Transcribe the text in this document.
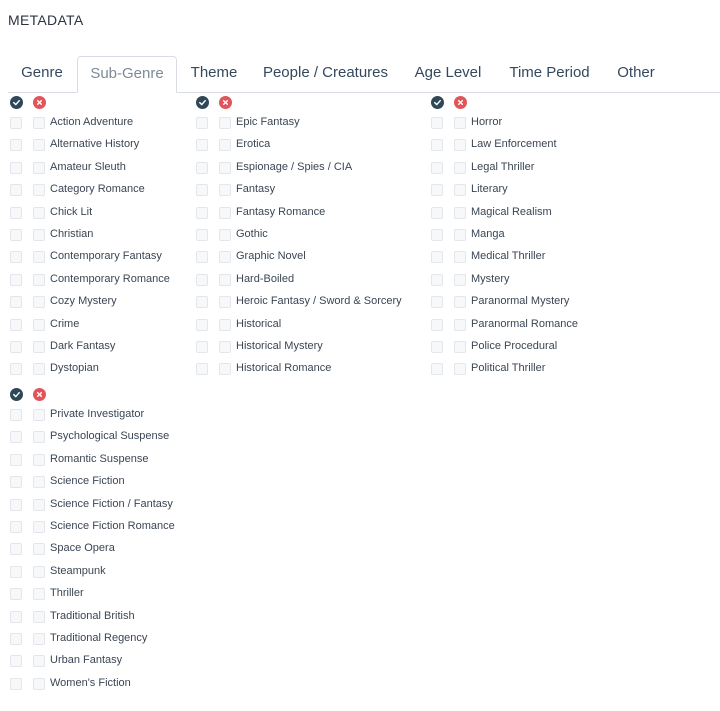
METADATA
Genre	Sub-Genre	Theme	People / Creatures	Age Level	Time Period	Other
Action Adventure
Alternative History
Amateur Sleuth
Category Romance
Chick Lit
Christian
Contemporary Fantasy
Contemporary Romance
Cozy Mystery
Crime
Dark Fantasy
Dystopian
Epic Fantasy
Erotica
Espionage / Spies / CIA
Fantasy
Fantasy Romance
Gothic
Graphic Novel
Hard-Boiled
Heroic Fantasy / Sword & Sorcery
Historical
Historical Mystery
Historical Romance
Horror
Law Enforcement
Legal Thriller
Literary
Magical Realism
Manga
Medical Thriller
Mystery
Paranormal Mystery
Paranormal Romance
Police Procedural
Political Thriller
Private Investigator
Psychological Suspense
Romantic Suspense
Science Fiction
Science Fiction / Fantasy
Science Fiction Romance
Space Opera
Steampunk
Thriller
Traditional British
Traditional Regency
Urban Fantasy
Women's Fiction
